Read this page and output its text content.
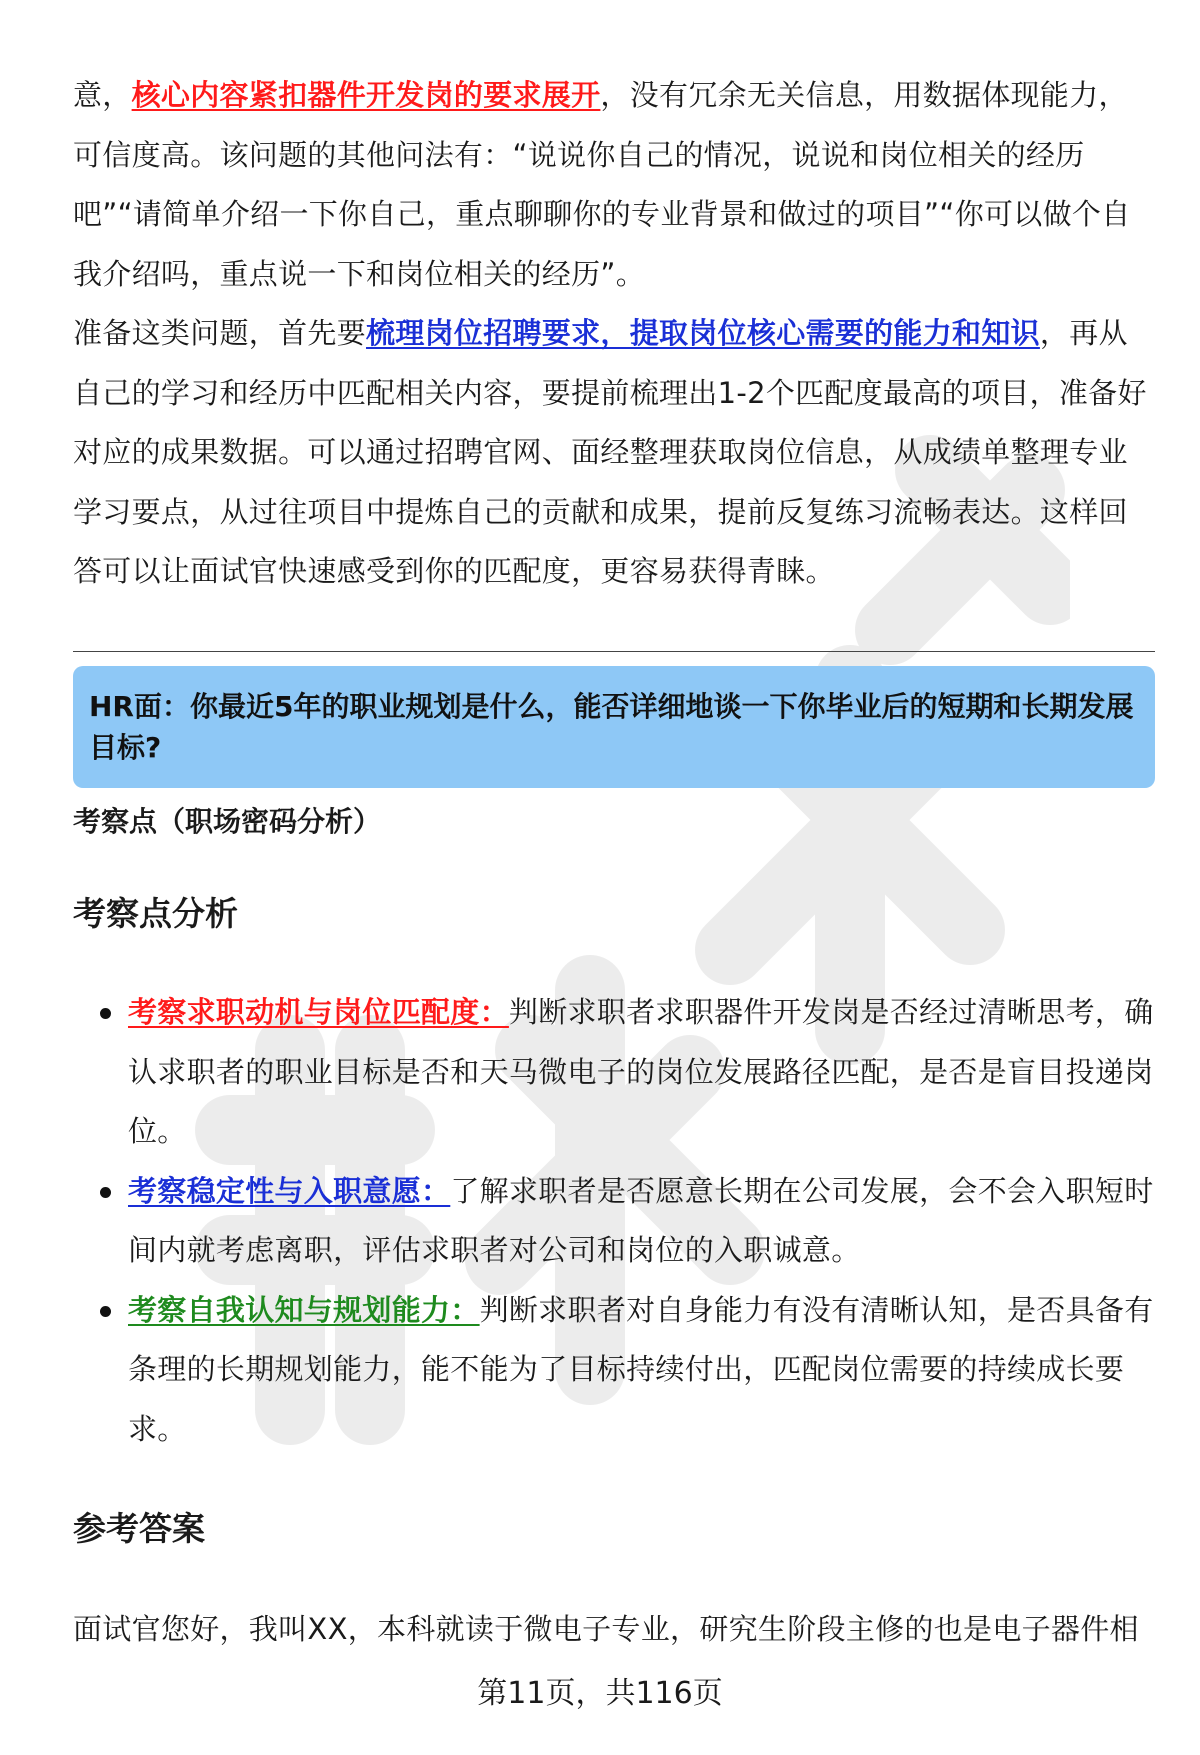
意，核心内容紧扣器件开发岗的要求展开，没有冗余无关信息，用数据体现能力，可信度高。该问题的其他问法有：“说说你自己的情况，说说和岗位相关的经历吧”“请简单介绍一下你自己，重点聊聊你的专业背景和做过的项目”“你可以做个自我介绍吗，重点说一下和岗位相关的经历”。

准备这类问题，首先要梳理岗位招聘要求，提取岗位核心需要的能力和知识，再从自己的学习和经历中匹配相关内容，要提前梳理出1-2个匹配度最高的项目，准备好对应的成果数据。可以通过招聘官网、面经整理获取岗位信息，从成绩单整理专业学习要点，从过往项目中提炼自己的贡献和成果，提前反复练习流畅表达。这样回答可以让面试官快速感受到你的匹配度，更容易获得青睐。

HR面：你最近5年的职业规划是什么，能否详细地谈一下你毕业后的短期和长期发展目标?

考察点（职场密码分析）

考察点分析

考察求职动机与岗位匹配度：判断求职者求职器件开发岗是否经过清晰思考，确认求职者的职业目标是否和天马微电子的岗位发展路径匹配，是否是盲目投递岗位。
考察稳定性与入职意愿：了解求职者是否愿意长期在公司发展，会不会入职短时间内就考虑离职，评估求职者对公司和岗位的入职诚意。
考察自我认知与规划能力：判断求职者对自身能力有没有清晰认知，是否具备有条理的长期规划能力，能不能为了目标持续付出，匹配岗位需要的持续成长要求。

参考答案

面试官您好，我叫XX，本科就读于微电子专业，研究生阶段主修的也是电子器件相

第11页，共116页
